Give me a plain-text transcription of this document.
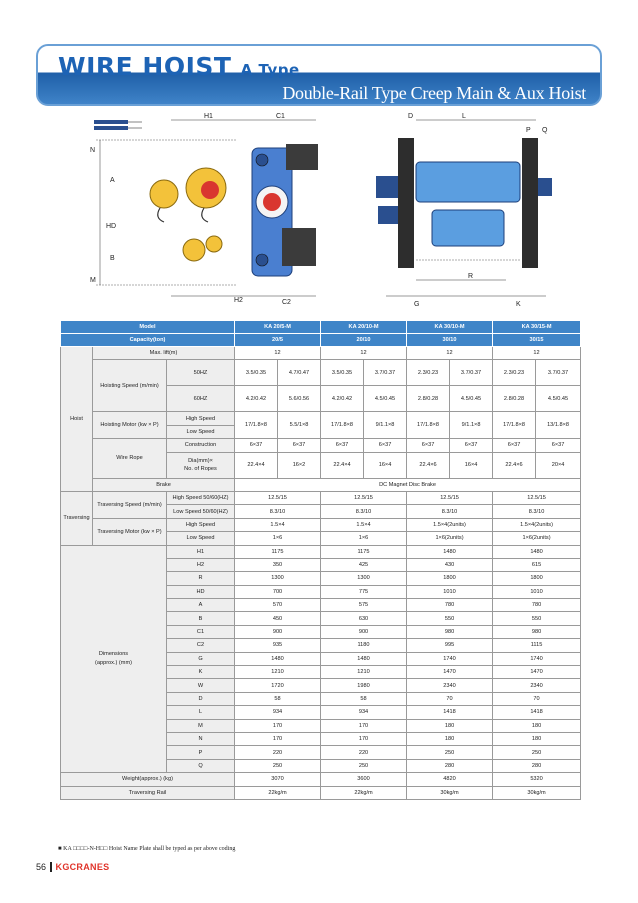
WIRE HOIST A Type
Double-Rail Type Creep Main & Aux Hoist
H1	C1
H2	C2
N
A
HD
B
M
D	L
P Q
G
R
K
Model			KA 20/5-M		KA 20/10-M		KA 30/10-M		KA 30/15-M	
Capacity(ton)			20/5		20/10		30/10		30/15	
Hoist	Max. lift(m)		12		12		12		12	
	Hoisting Speed (m/min)	50HZ	3.5/0.35	4.7/0.47	3.5/0.35	3.7/0.37	2.3/0.23	3.7/0.37	2.3/0.23	3.7/0.37
		60HZ	4.2/0.42	5.6/0.56	4.2/0.42	4.5/0.45	2.8/0.28	4.5/0.45	2.8/0.28	4.5/0.45
	Hoisting Motor (kw × P)	High Speed	17/1.8×8	5.5/1×8	17/1.8×8	9/1.1×8	17/1.8×8	9/1.1×8	17/1.8×8	13/1.8×8
		Low Speed								
	Wire Rope	Construction	6×37	6×37	6×37	6×37	6×37	6×37	6×37	6×37
		Dia(mm)×
No. of Ropes	22.4×4	16×2	22.4×4	16×4	22.4×6	16×4	22.4×6	20×4
	Brake		DC Magnet Disc Brake							
Traversing	Traversing Speed (m/min)	High Speed 50/60(HZ)	12.5/15		12.5/15		12.5/15		12.5/15	
		Low Speed 50/60(HZ)	8.3/10		8.3/10		8.3/10		8.3/10	
	Traversing Motor (kw × P)	High Speed	1.5×4		1.5×4		1.5×4(2units)		1.5×4(2units)	
		Low Speed	1×6		1×6		1×6(2units)		1×6(2units)	
Dimensions
(approx.) (mm)		H1	1175		1175		1480		1480	
		H2	350		425		430		615	
		R	1300		1300		1800		1800	
		HD	700		775		1010		1010	
		A	570		575		780		780	
		B	450		630		550		550	
		C1	900		900		980		980	
		C2	935		1180		995		1115	
		G	1480		1480		1740		1740	
		K	1210		1210		1470		1470	
		W	1720		1980		2340		2340	
		D	58		58		70		70	
		L	934		934		1418		1418	
		M	170		170		180		180	
		N	170		170		180		180	
		P	220		220		250		250	
		Q	250		250		280		280	
Weight(approx.) (kg)			3070		3600		4820		5320	
Traversing Rail			22kg/m		22kg/m		30kg/m		30kg/m	
■ KA □□□□-N-H□□ Hoist Name Plate shall be typed as per above coding
56 KGCRANES
